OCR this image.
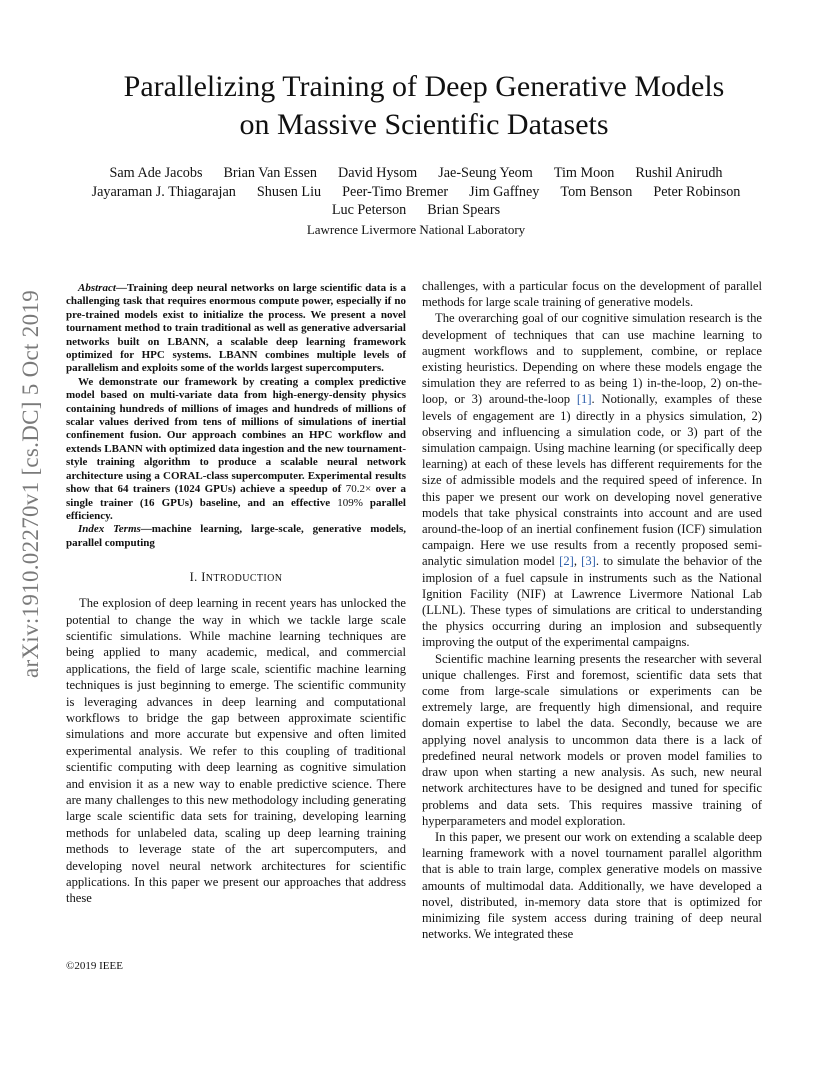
arXiv:1910.02270v1 [cs.DC] 5 Oct 2019
Parallelizing Training of Deep Generative Models
on Massive Scientific Datasets
Sam Ade Jacobs Brian Van Essen David Hysom Jae-Seung Yeom Tim Moon Rushil Anirudh
Jayaraman J. Thiagarajan Shusen Liu Peer-Timo Bremer Jim Gaffney Tom Benson Peter Robinson
Luc Peterson Brian Spears
Lawrence Livermore National Laboratory

Abstract—Training deep neural networks on large scientific data is a challenging task that requires enormous compute power, especially if no pre-trained models exist to initialize the process. We present a novel tournament method to train traditional as well as generative adversarial networks built on LBANN, a scalable deep learning framework optimized for HPC systems. LBANN combines multiple levels of parallelism and exploits some of the worlds largest supercomputers.

We demonstrate our framework by creating a complex predictive model based on multi-variate data from high-energy-density physics containing hundreds of millions of images and hundreds of millions of scalar values derived from tens of millions of simulations of inertial confinement fusion. Our approach combines an HPC workflow and extends LBANN with optimized data ingestion and the new tournament-style training algorithm to produce a scalable neural network architecture using a CORAL-class supercomputer. Experimental results show that 64 trainers (1024 GPUs) achieve a speedup of 70.2× over a single trainer (16 GPUs) baseline, and an effective 109% parallel efficiency.

Index Terms—machine learning, large-scale, generative models, parallel computing

I. INTRODUCTION

The explosion of deep learning in recent years has unlocked the potential to change the way in which we tackle large scale scientific simulations. While machine learning techniques are being applied to many academic, medical, and commercial applications, the field of large scale, scientific machine learning techniques is just beginning to emerge. The scientific community is leveraging advances in deep learning and computational workflows to bridge the gap between approximate scientific simulations and more accurate but expensive and often limited experimental analysis. We refer to this coupling of traditional scientific computing with deep learning as cognitive simulation and envision it as a new way to enable predictive science. There are many challenges to this new methodology including generating large scale scientific data sets for training, developing learning methods for unlabeled data, scaling up deep learning training methods to leverage state of the art supercomputers, and developing novel neural network architectures for scientific applications. In this paper we present our approaches that address these

challenges, with a particular focus on the development of parallel methods for large scale training of generative models.

The overarching goal of our cognitive simulation research is the development of techniques that can use machine learning to augment workflows and to supplement, combine, or replace existing heuristics. Depending on where these models engage the simulation they are referred to as being 1) in-the-loop, 2) on-the-loop, or 3) around-the-loop [1]. Notionally, examples of these levels of engagement are 1) directly in a physics simulation, 2) observing and influencing a simulation code, or 3) part of the simulation campaign. Using machine learning (or specifically deep learning) at each of these levels has different requirements for the size of admissible models and the required speed of inference. In this paper we present our work on developing novel generative models that take physical constraints into account and are used around-the-loop of an inertial confinement fusion (ICF) simulation campaign. Here we use results from a recently proposed semi-analytic simulation model [2], [3]. to simulate the behavior of the implosion of a fuel capsule in instruments such as the National Ignition Facility (NIF) at Lawrence Livermore National Lab (LLNL). These types of simulations are critical to understanding the physics occurring during an implosion and subsequently improving the output of the experimental campaigns.

Scientific machine learning presents the researcher with several unique challenges. First and foremost, scientific data sets that come from large-scale simulations or experiments can be extremely large, are frequently high dimensional, and require domain expertise to label the data. Secondly, because we are applying novel analysis to uncommon data there is a lack of predefined neural network models or proven model families to draw upon when starting a new analysis. As such, new neural network architectures have to be designed and tuned for specific problems and data sets. This requires massive training of hyperparameters and model exploration.

In this paper, we present our work on extending a scalable deep learning framework with a novel tournament parallel algorithm that is able to train large, complex generative models on massive amounts of multimodal data. Additionally, we have developed a novel, distributed, in-memory data store that is optimized for minimizing file system access during training of deep neural networks. We integrated these

©2019 IEEE
